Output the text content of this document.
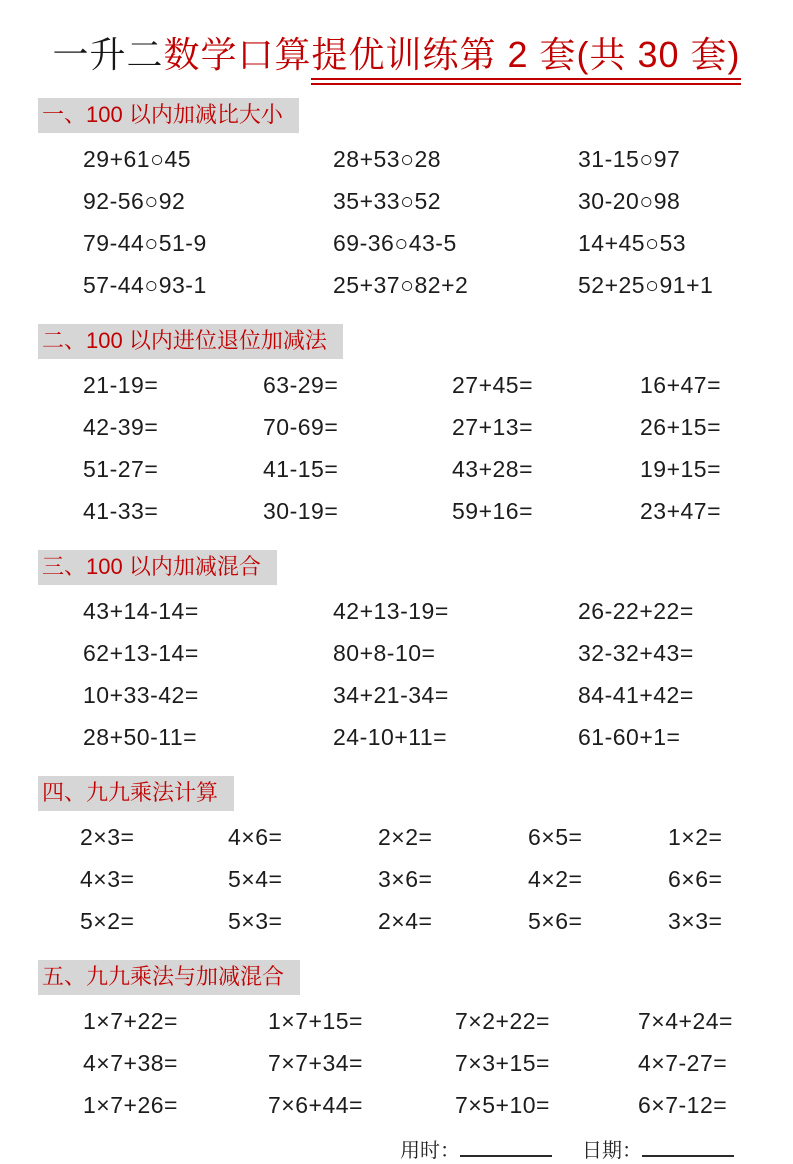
一升二数学口算提优训练第 2 套(共 30 套)
一、100 以内加减比大小
29+61○45	28+53○28	31-15○97
92-56○92	35+33○52	30-20○98
79-44○51-9	69-36○43-5	14+45○53
57-44○93-1	25+37○82+2	52+25○91+1
二、100 以内进位退位加减法
21-19=	63-29=	27+45=	16+47=
42-39=	70-69=	27+13=	26+15=
51-27=	41-15=	43+28=	19+15=
41-33=	30-19=	59+16=	23+47=
三、100 以内加减混合
43+14-14=	42+13-19=	26-22+22=
62+13-14=	80+8-10=	32-32+43=
10+33-42=	34+21-34=	84-41+42=
28+50-11=	24-10+11=	61-60+1=
四、九九乘法计算
2×3=	4×6=	2×2=	6×5=	1×2=
4×3=	5×4=	3×6=	4×2=	6×6=
5×2=	5×3=	2×4=	5×6=	3×3=
五、九九乘法与加减混合
1×7+22=	1×7+15=	7×2+22=	7×4+24=
4×7+38=	7×7+34=	7×3+15=	4×7-27=
1×7+26=	7×6+44=	7×5+10=	6×7-12=
用时：	日期：
